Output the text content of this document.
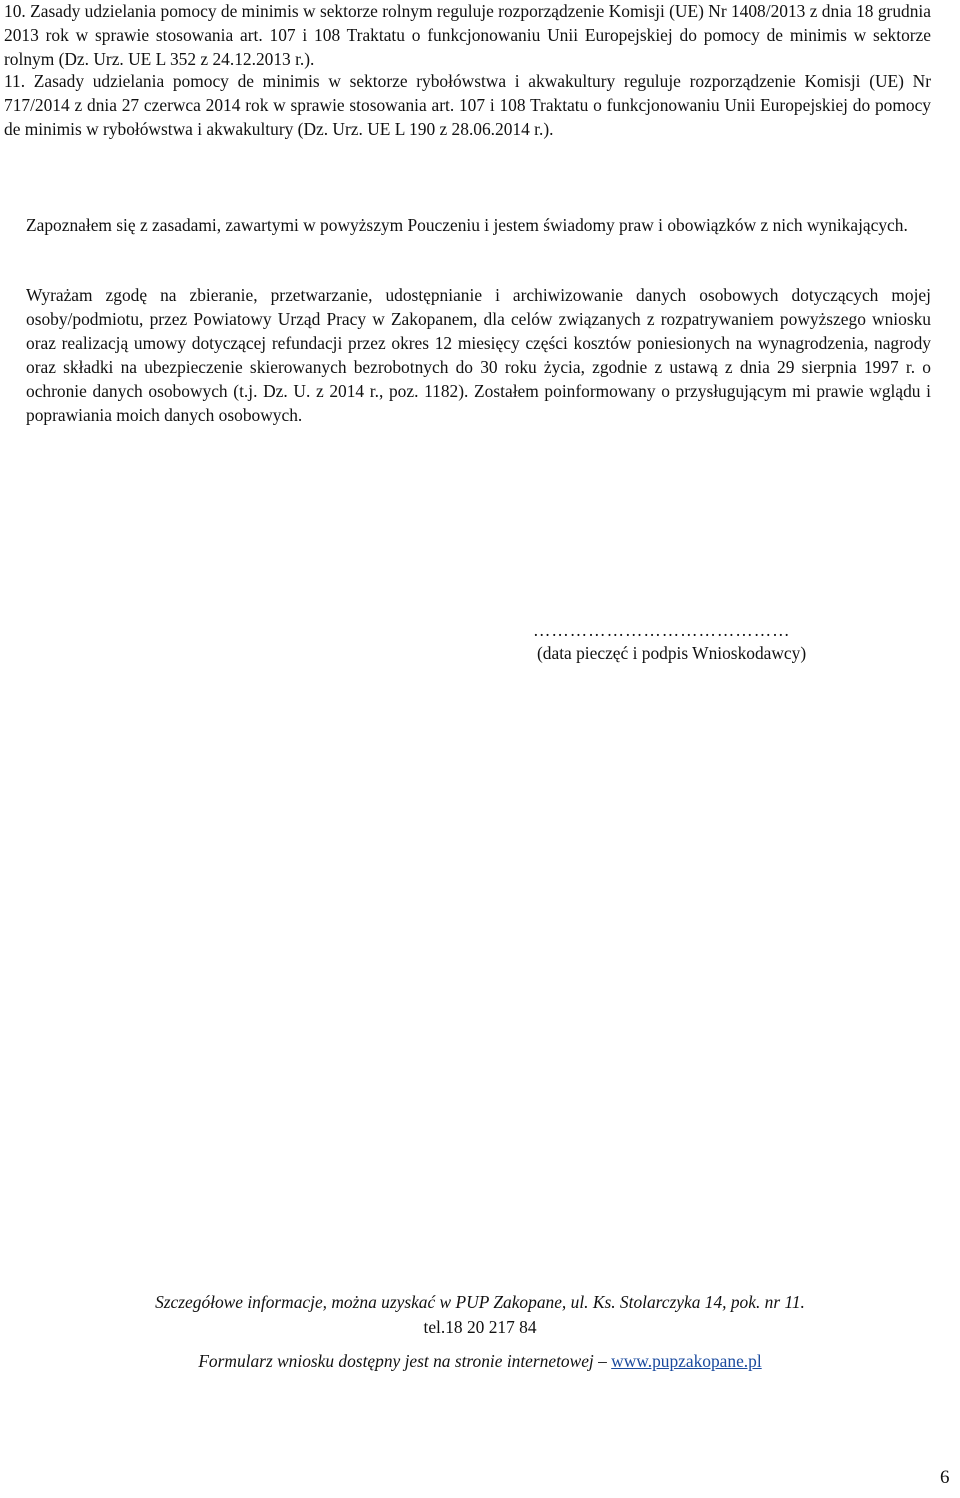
10. Zasady udzielania pomocy de minimis w sektorze rolnym reguluje rozporządzenie Komisji (UE) Nr 1408/2013 z dnia 18 grudnia 2013 rok w sprawie stosowania art. 107 i 108 Traktatu o funkcjonowaniu Unii Europejskiej do pomocy de minimis w sektorze rolnym (Dz. Urz. UE L 352 z 24.12.2013 r.).
11. Zasady udzielania pomocy de minimis w sektorze rybołówstwa i akwakultury reguluje rozporządzenie Komisji (UE) Nr 717/2014 z dnia 27 czerwca 2014 rok w sprawie stosowania art. 107 i 108 Traktatu o funkcjonowaniu Unii Europejskiej do pomocy de minimis w rybołówstwa i akwakultury (Dz. Urz. UE L 190 z 28.06.2014 r.).
Zapoznałem się z zasadami, zawartymi w powyższym Pouczeniu i jestem świadomy praw i obowiązków z nich wynikających.
Wyrażam zgodę na zbieranie, przetwarzanie, udostępnianie i archiwizowanie danych osobowych dotyczących mojej osoby/podmiotu, przez Powiatowy Urząd Pracy w Zakopanem, dla celów związanych z rozpatrywaniem powyższego wniosku oraz realizacją umowy dotyczącej refundacji przez okres 12 miesięcy części kosztów poniesionych na wynagrodzenia, nagrody oraz składki na ubezpieczenie skierowanych bezrobotnych do 30 roku życia, zgodnie z ustawą z dnia 29 sierpnia 1997 r. o ochronie danych osobowych (t.j. Dz. U. z 2014 r., poz. 1182). Zostałem poinformowany o przysługującym mi prawie wglądu i poprawiania moich danych osobowych.
……………………………………
(data pieczęć i podpis Wnioskodawcy)
Szczegółowe informacje, można uzyskać w PUP Zakopane, ul. Ks. Stolarczyka 14, pok. nr 11.
tel.18 20 217 84
Formularz wniosku dostępny jest na stronie internetowej – www.pupzakopane.pl
6
